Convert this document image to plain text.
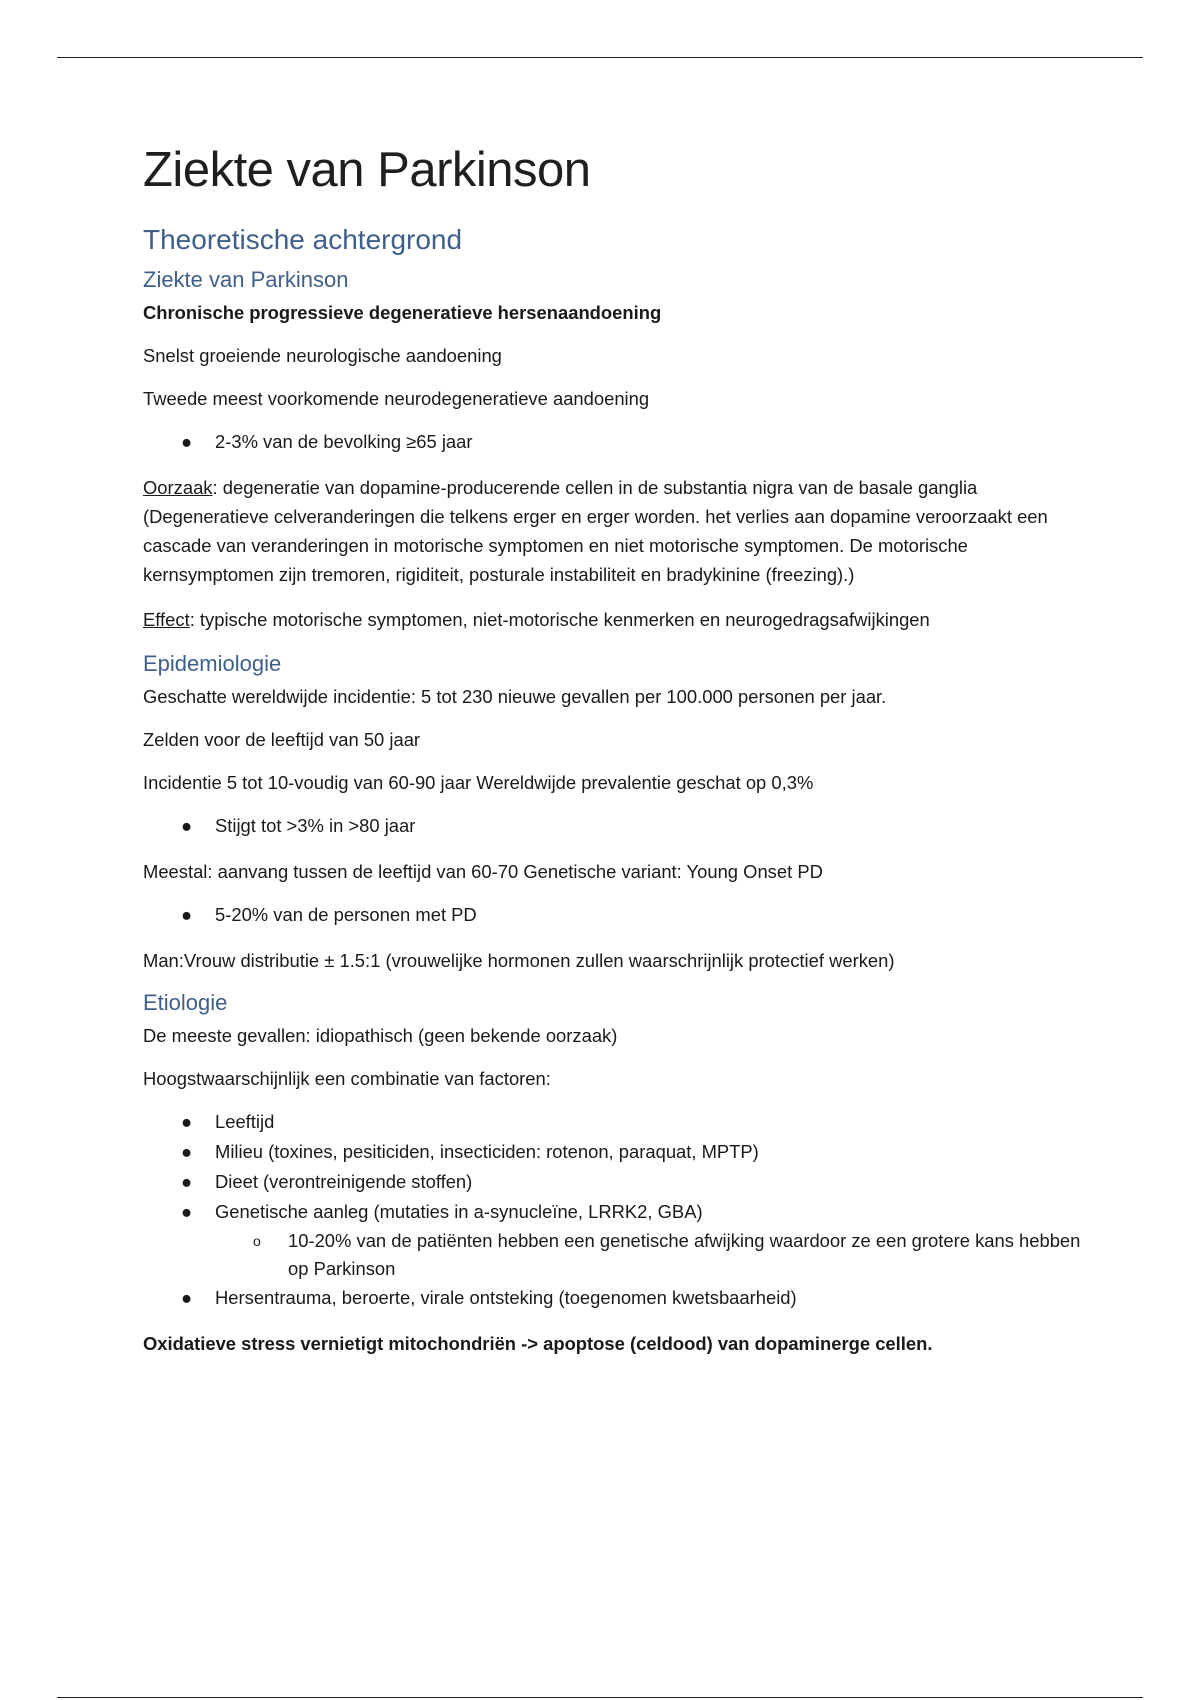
Ziekte van Parkinson
Theoretische achtergrond
Ziekte van Parkinson

Chronische progressieve degeneratieve hersenaandoening

Snelst groeiende neurologische aandoening

Tweede meest voorkomende neurodegeneratieve aandoening

● 2-3% van de bevolking ≥65 jaar

Oorzaak: degeneratie van dopamine-producerende cellen in de substantia nigra van de basale ganglia (Degeneratieve celveranderingen die telkens erger en erger worden. het verlies aan dopamine veroorzaakt een cascade van veranderingen in motorische symptomen en niet motorische symptomen. De motorische kernsymptomen zijn tremoren, rigiditeit, posturale instabiliteit en bradykinine (freezing).)

Effect: typische motorische symptomen, niet-motorische kenmerken en neurogedragsafwijkingen

Epidemiologie

Geschatte wereldwijde incidentie: 5 tot 230 nieuwe gevallen per 100.000 personen per jaar.

Zelden voor de leeftijd van 50 jaar

Incidentie 5 tot 10-voudig van 60-90 jaar Wereldwijde prevalentie geschat op 0,3%

● Stijgt tot >3% in >80 jaar

Meestal: aanvang tussen de leeftijd van 60-70 Genetische variant: Young Onset PD

● 5-20% van de personen met PD

Man:Vrouw distributie ± 1.5:1 (vrouwelijke hormonen zullen waarschrijnlijk protectief werken)

Etiologie

De meeste gevallen: idiopathisch (geen bekende oorzaak)

Hoogstwaarschijnlijk een combinatie van factoren:

● Leeftijd
● Milieu (toxines, pesiticiden, insecticiden: rotenon, paraquat, MPTP)
● Dieet (verontreinigende stoffen)
● Genetische aanleg (mutaties in a-synucleïne, LRRK2, GBA)
o 10-20% van de patiënten hebben een genetische afwijking waardoor ze een grotere kans hebben op Parkinson
● Hersentrauma, beroerte, virale ontsteking (toegenomen kwetsbaarheid)

Oxidatieve stress vernietigt mitochondriën -> apoptose (celdood) van dopaminerge cellen.
